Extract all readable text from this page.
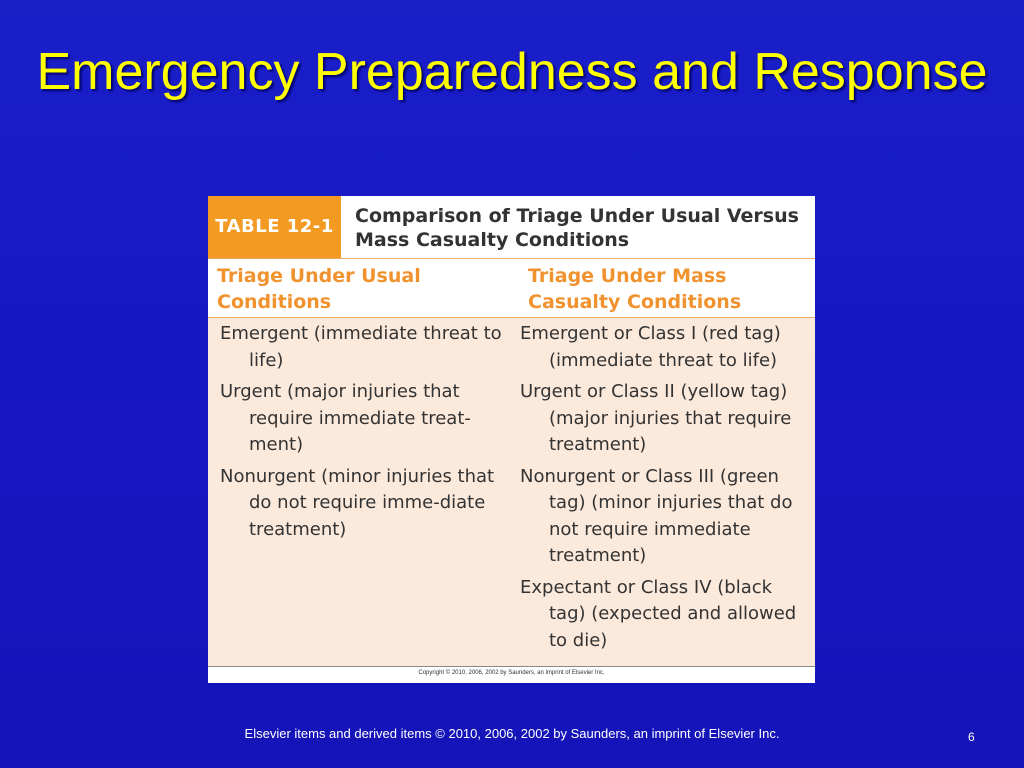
Emergency Preparedness and Response
TABLE 12-1	Comparison of Triage Under Usual Versus Mass Casualty Conditions
Triage Under Usual Conditions
Triage Under Mass Casualty Conditions
Emergent (immediate threat to life)
Urgent (major injuries that require immediate treat-ment)
Nonurgent (minor injuries that do not require imme-diate treatment)
Emergent or Class I (red tag) (immediate threat to life)
Urgent or Class II (yellow tag) (major injuries that require treatment)
Nonurgent or Class III (green tag) (minor injuries that do not require immediate treatment)
Expectant or Class IV (black tag) (expected and allowed to die)
Copyright © 2010, 2006, 2002 by Saunders, an imprint of Elsevier Inc.
Elsevier items and derived items © 2010, 2006, 2002 by Saunders, an imprint of Elsevier Inc.	6
